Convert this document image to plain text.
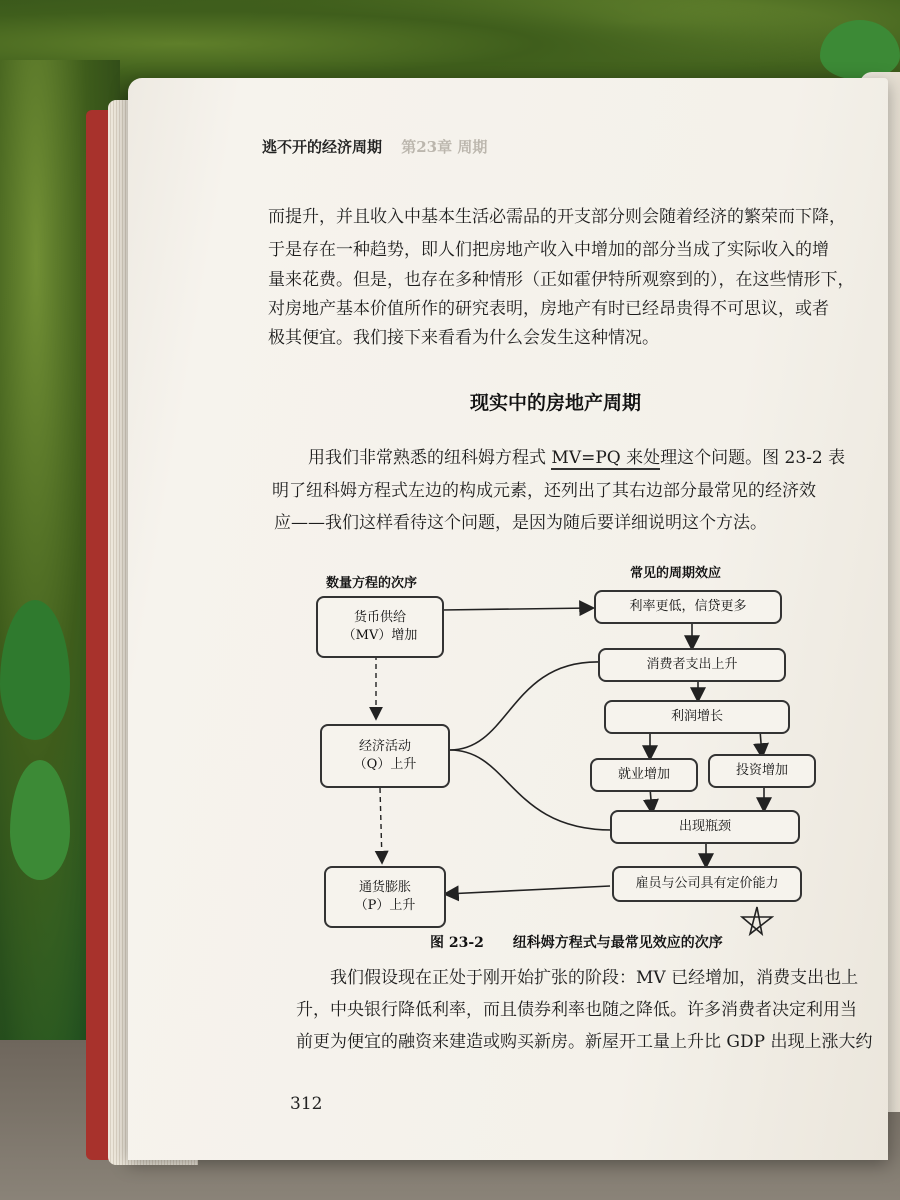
逃不开的经济周期 第23章 周期
而提升，并且收入中基本生活必需品的开支部分则会随着经济的繁荣而下降，
于是存在一种趋势，即人们把房地产收入中增加的部分当成了实际收入的增
量来花费。但是，也存在多种情形（正如霍伊特所观察到的），在这些情形下，
对房地产基本价值所作的研究表明，房地产有时已经昂贵得不可思议，或者
极其便宜。我们接下来看看为什么会发生这种情况。
现实中的房地产周期
用我们非常熟悉的纽科姆方程式 MV=PQ 来处理这个问题。图 23-2 表
明了纽科姆方程式左边的构成元素，还列出了其右边部分最常见的经济效
应——我们这样看待这个问题，是因为随后要详细说明这个方法。
数量方程的次序
常见的周期效应
货币供给
（MV）增加
经济活动
（Q）上升
通货膨胀
（P）上升
利率更低，信贷更多
消费者支出上升
利润增长
就业增加	投资增加
出现瓶颈
雇员与公司具有定价能力
图 23-2 纽科姆方程式与最常见效应的次序
我们假设现在正处于刚开始扩张的阶段：MV 已经增加，消费支出也上
升，中央银行降低利率，而且债券利率也随之降低。许多消费者决定利用当
前更为便宜的融资来建造或购买新房。新屋开工量上升比 GDP 出现上涨大约
312
